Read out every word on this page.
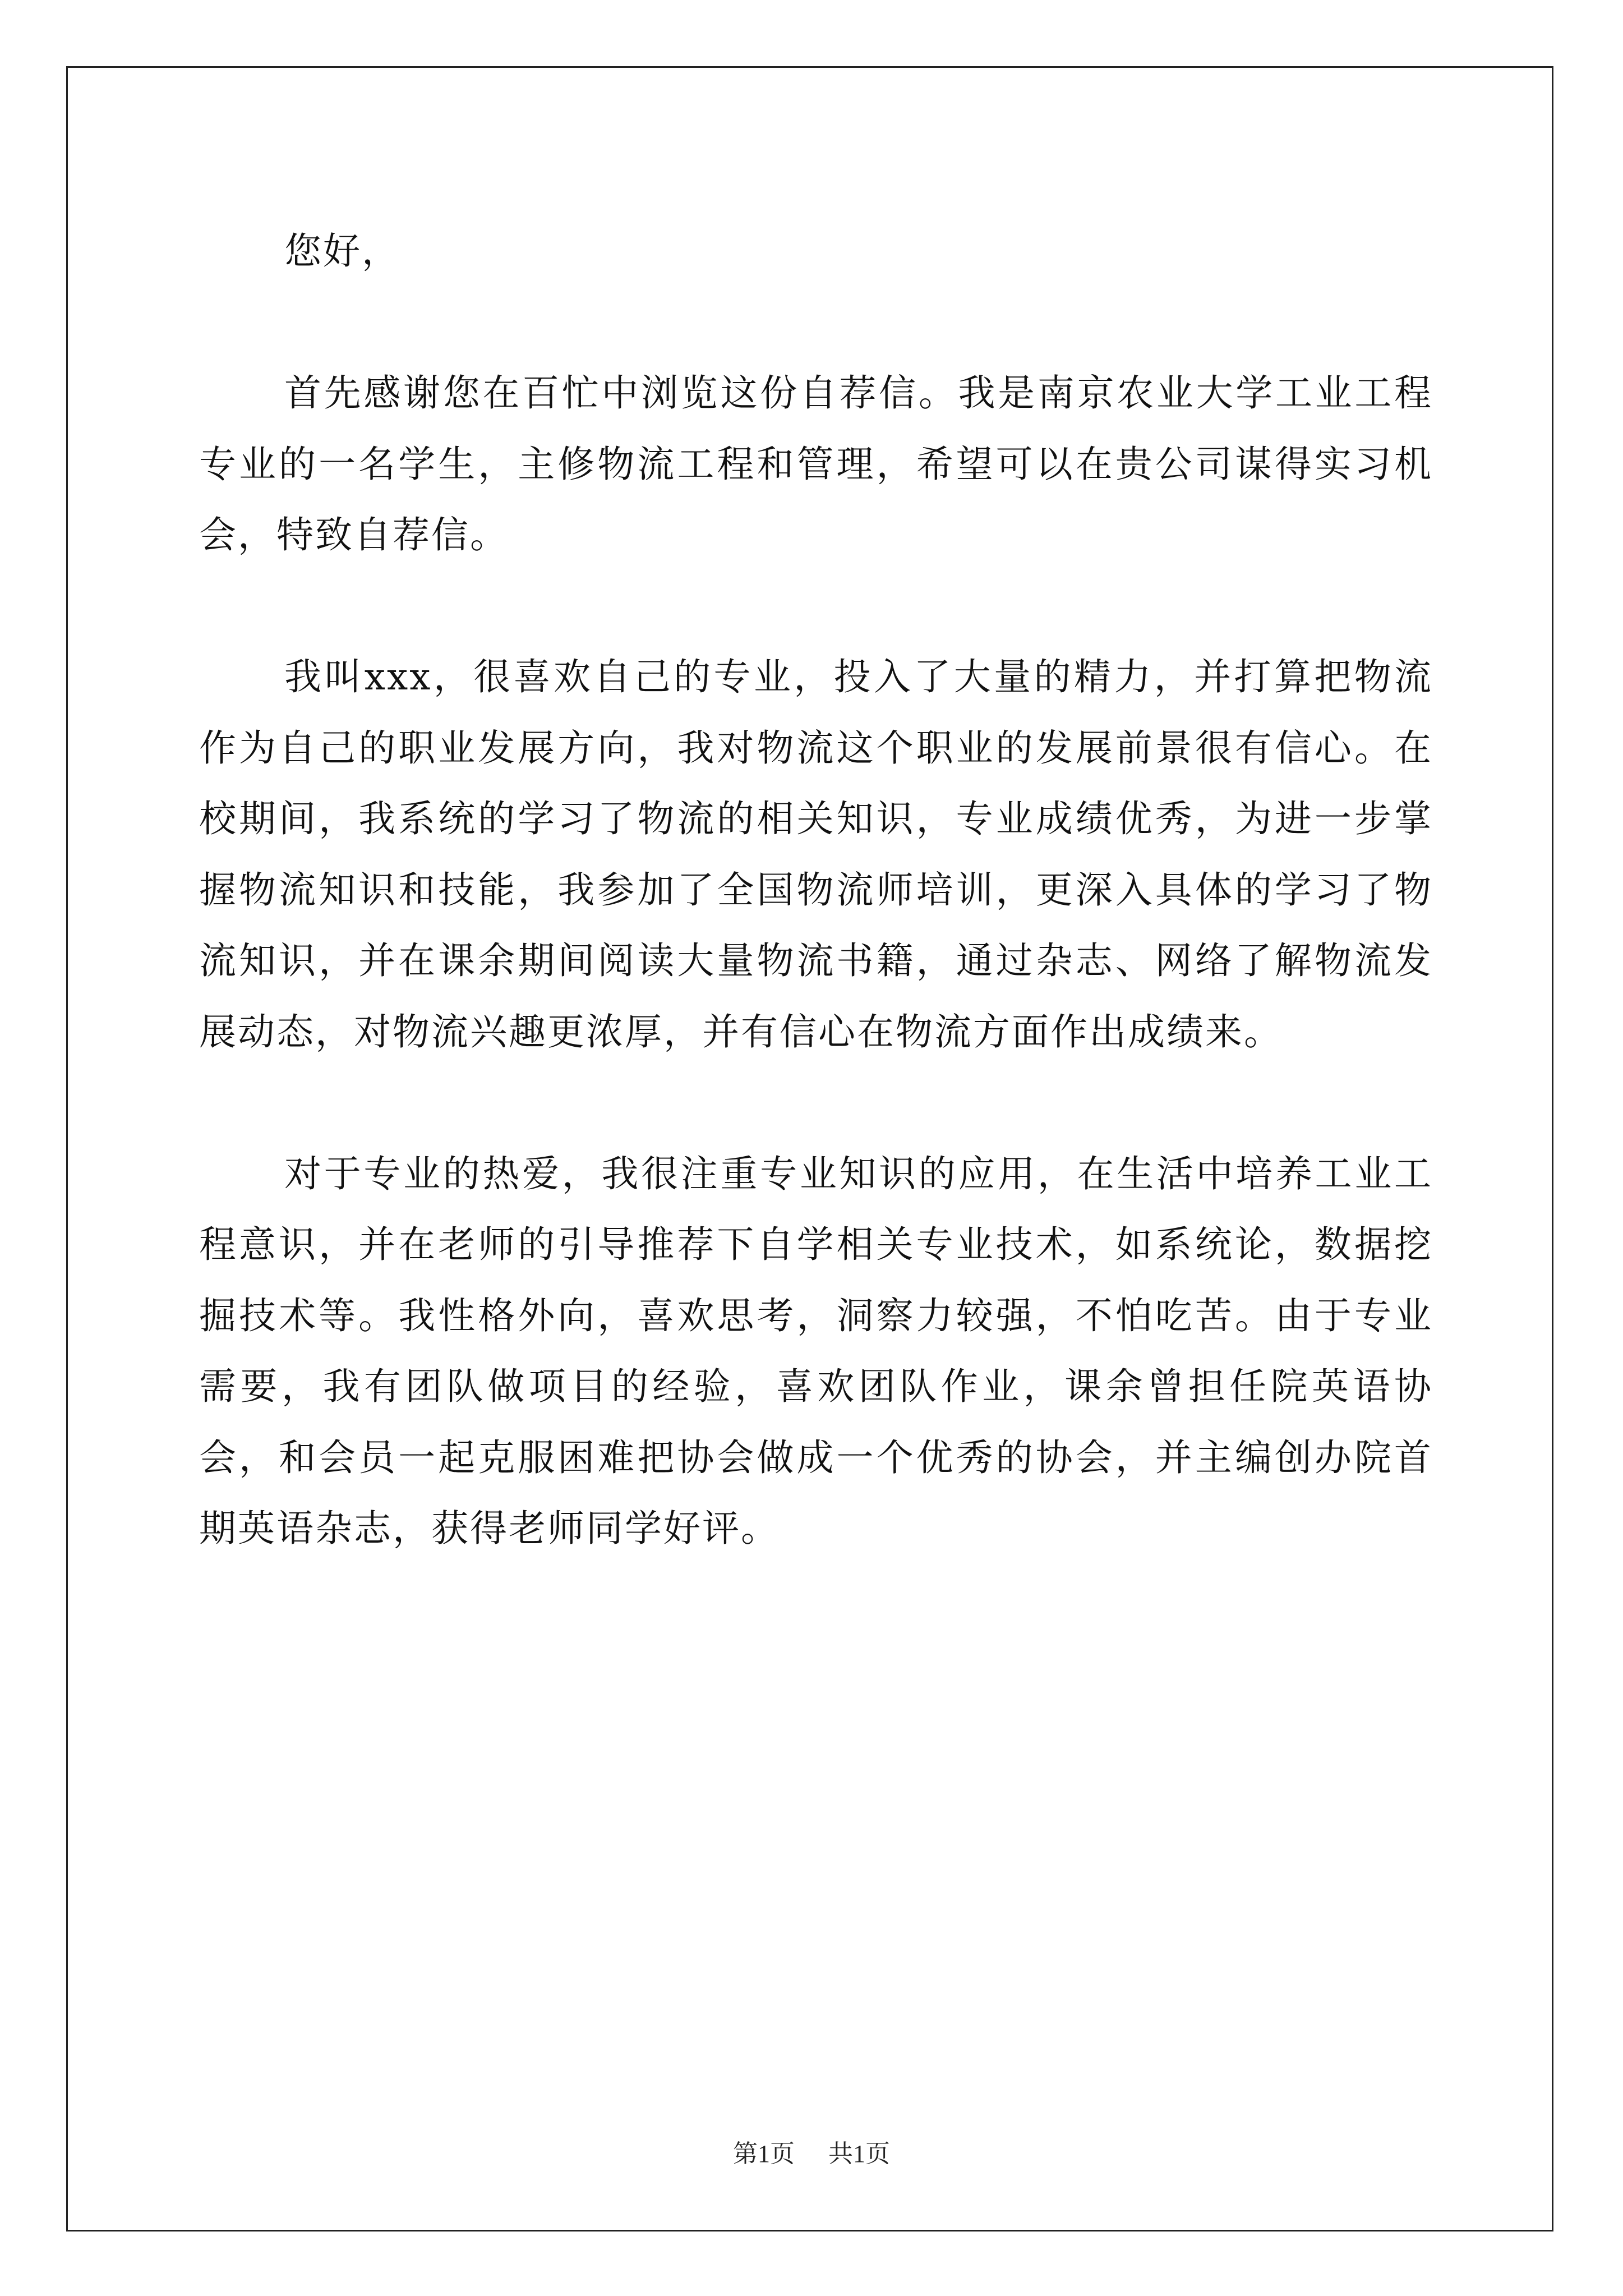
您好，

首先感谢您在百忙中浏览这份自荐信。我是南京农业大学工业工程专业的一名学生，主修物流工程和管理，希望可以在贵公司谋得实习机会，特致自荐信。

我叫xxx，很喜欢自己的专业，投入了大量的精力，并打算把物流作为自己的职业发展方向，我对物流这个职业的发展前景很有信心。在校期间，我系统的学习了物流的相关知识，专业成绩优秀，为进一步掌握物流知识和技能，我参加了全国物流师培训，更深入具体的学习了物流知识，并在课余期间阅读大量物流书籍，通过杂志、网络了解物流发展动态，对物流兴趣更浓厚，并有信心在物流方面作出成绩来。

对于专业的热爱，我很注重专业知识的应用，在生活中培养工业工程意识，并在老师的引导推荐下自学相关专业技术，如系统论，数据挖掘技术等。我性格外向，喜欢思考，洞察力较强，不怕吃苦。由于专业需要，我有团队做项目的经验，喜欢团队作业，课余曾担任院英语协会，和会员一起克服困难把协会做成一个优秀的协会，并主编创办院首期英语杂志，获得老师同学好评。

第1页 共1页
